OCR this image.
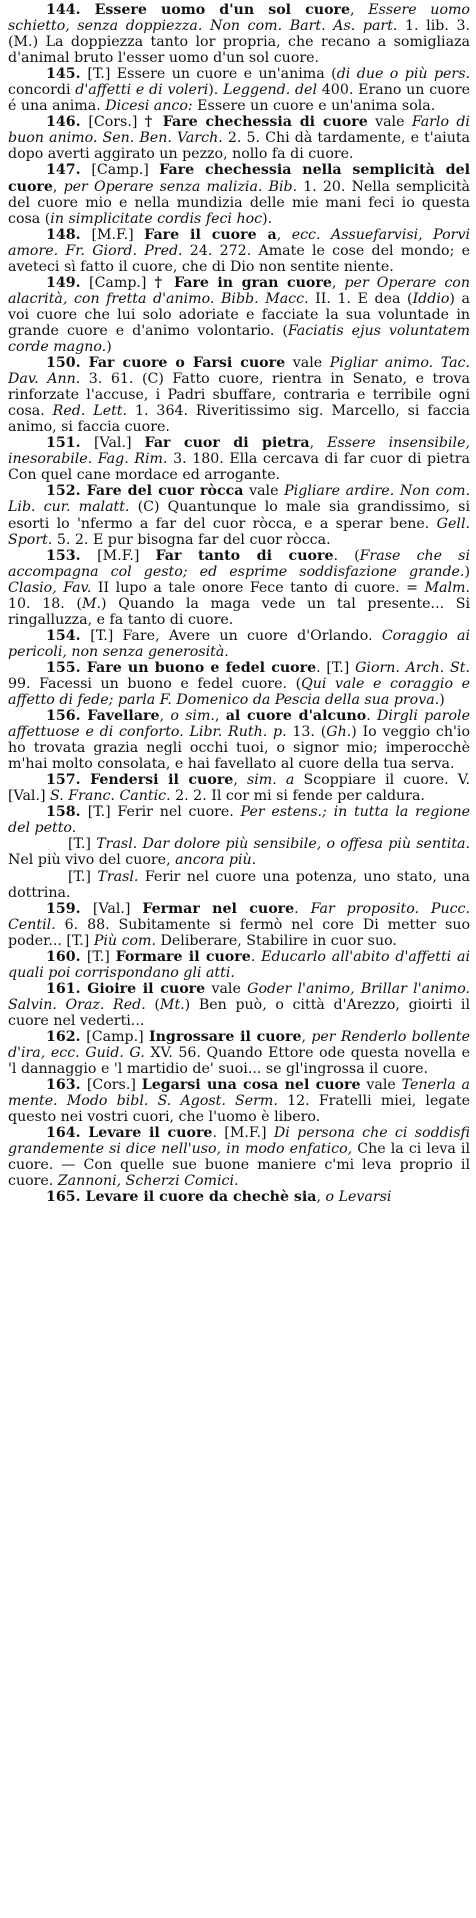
144. Essere uomo d'un sol cuore, Essere uomo schietto, senza doppiezza. Non com. Bart. As. part. 1. lib. 3. (M.) La doppiezza tanto lor propria, che recano a somigliaza d'animal bruto l'esser uomo d'un sol cuore.

145. [T.] Essere un cuore e un'anima (di due o più pers. concordi d'affetti e di voleri). Leggend. del 400. Erano un cuore é una anima. Dicesi anco: Essere un cuore e un'anima sola.

146. [Cors.] † Fare chechessia di cuore vale Farlo di buon animo. Sen. Ben. Varch. 2. 5. Chi dà tardamente, e t'aiuta dopo averti aggirato un pezzo, nollo fa di cuore.

147. [Camp.] Fare chechessia nella semplicità del cuore, per Operare senza malizia. Bib. 1. 20. Nella semplicità del cuore mio e nella mundizia delle mie mani feci io questa cosa (in simplicitate cordis feci hoc).

148. [M.F.] Fare il cuore a, ecc. Assuefarvisi, Porvi amore. Fr. Giord. Pred. 24. 272. Amate le cose del mondo; e aveteci sì fatto il cuore, che di Dio non sentite niente.

149. [Camp.] † Fare in gran cuore, per Operare con alacrità, con fretta d'animo. Bibb. Macc. II. 1. E dea (Iddio) a voi cuore che lui solo adoriate e facciate la sua voluntade in grande cuore e d'animo volontario. (Faciatis ejus voluntatem corde magno.)

150. Far cuore o Farsi cuore vale Pigliar animo. Tac. Dav. Ann. 3. 61. (C) Fatto cuore, rientra in Senato, e trova rinforzate l'accuse, i Padri sbuffare, contraria e terribile ogni cosa. Red. Lett. 1. 364. Riveritissimo sig. Marcello, si faccia animo, si faccia cuore.

151. [Val.] Far cuor di pietra, Essere insensibile, inesorabile. Fag. Rim. 3. 180. Ella cercava di far cuor di pietra Con quel cane mordace ed arrogante.

152. Fare del cuor ròcca vale Pigliare ardire. Non com. Lib. cur. malatt. (C) Quantunque lo male sia grandissimo, si esorti lo 'nfermo a far del cuor ròcca, e a sperar bene. Gell. Sport. 5. 2. E pur bisogna far del cuor ròcca.

153. [M.F.] Far tanto di cuore. (Frase che si accompagna col gesto; ed esprime soddisfazione grande.) Clasio, Fav. II lupo a tale onore Fece tanto di cuore. = Malm. 10. 18. (M.) Quando la maga vede un tal presente... Si ringalluzza, e fa tanto di cuore.

154. [T.] Fare, Avere un cuore d'Orlando. Coraggio ai pericoli, non senza generosità.

155. Fare un buono e fedel cuore. [T.] Giorn. Arch. St. 99. Facessi un buono e fedel cuore. (Qui vale e coraggio e affetto di fede; parla F. Domenico da Pescia della sua prova.)

156. Favellare, o sim., al cuore d'alcuno. Dirgli parole affettuose e di conforto. Libr. Ruth. p. 13. (Gh.) Io veggio ch'io ho trovata grazia negli occhi tuoi, o signor mio; imperocchè m'hai molto consolata, e hai favellato al cuore della tua serva.

157. Fendersi il cuore, sim. a Scoppiare il cuore. V. [Val.] S. Franc. Cantic. 2. 2. Il cor mi si fende per caldura.

158. [T.] Ferir nel cuore. Per estens.; in tutta la regione del petto.

[T.] Trasl. Dar dolore più sensibile, o offesa più sentita. Nel più vivo del cuore, ancora più.

[T.] Trasl. Ferir nel cuore una potenza, uno stato, una dottrina.

159. [Val.] Fermar nel cuore. Far proposito. Pucc. Centil. 6. 88. Subitamente si fermò nel core Di metter suo poder... [T.] Più com. Deliberare, Stabilire in cuor suo.

160. [T.] Formare il cuore. Educarlo all'abito d'affetti ai quali poi corrispondano gli atti.

161. Gioire il cuore vale Goder l'animo, Brillar l'animo. Salvin. Oraz. Red. (Mt.) Ben può, o città d'Arezzo, gioirti il cuore nel vederti...

162. [Camp.] Ingrossare il cuore, per Renderlo bollente d'ira, ecc. Guid. G. XV. 56. Quando Ettore ode questa novella e 'l dannaggio e 'l martidio de' suoi... se gl'ingrossa il cuore.

163. [Cors.] Legarsi una cosa nel cuore vale Tenerla a mente. Modo bibl. S. Agost. Serm. 12. Fratelli miei, legate questo nei vostri cuori, che l'uomo è libero.

164. Levare il cuore. [M.F.] Di persona che ci soddisfi grandemente si dice nell'uso, in modo enfatico, Che la ci leva il cuore. — Con quelle sue buone maniere c'mi leva proprio il cuore. Zannoni, Scherzi Comici.

165. Levare il cuore da chechè sia, o Levarsi
